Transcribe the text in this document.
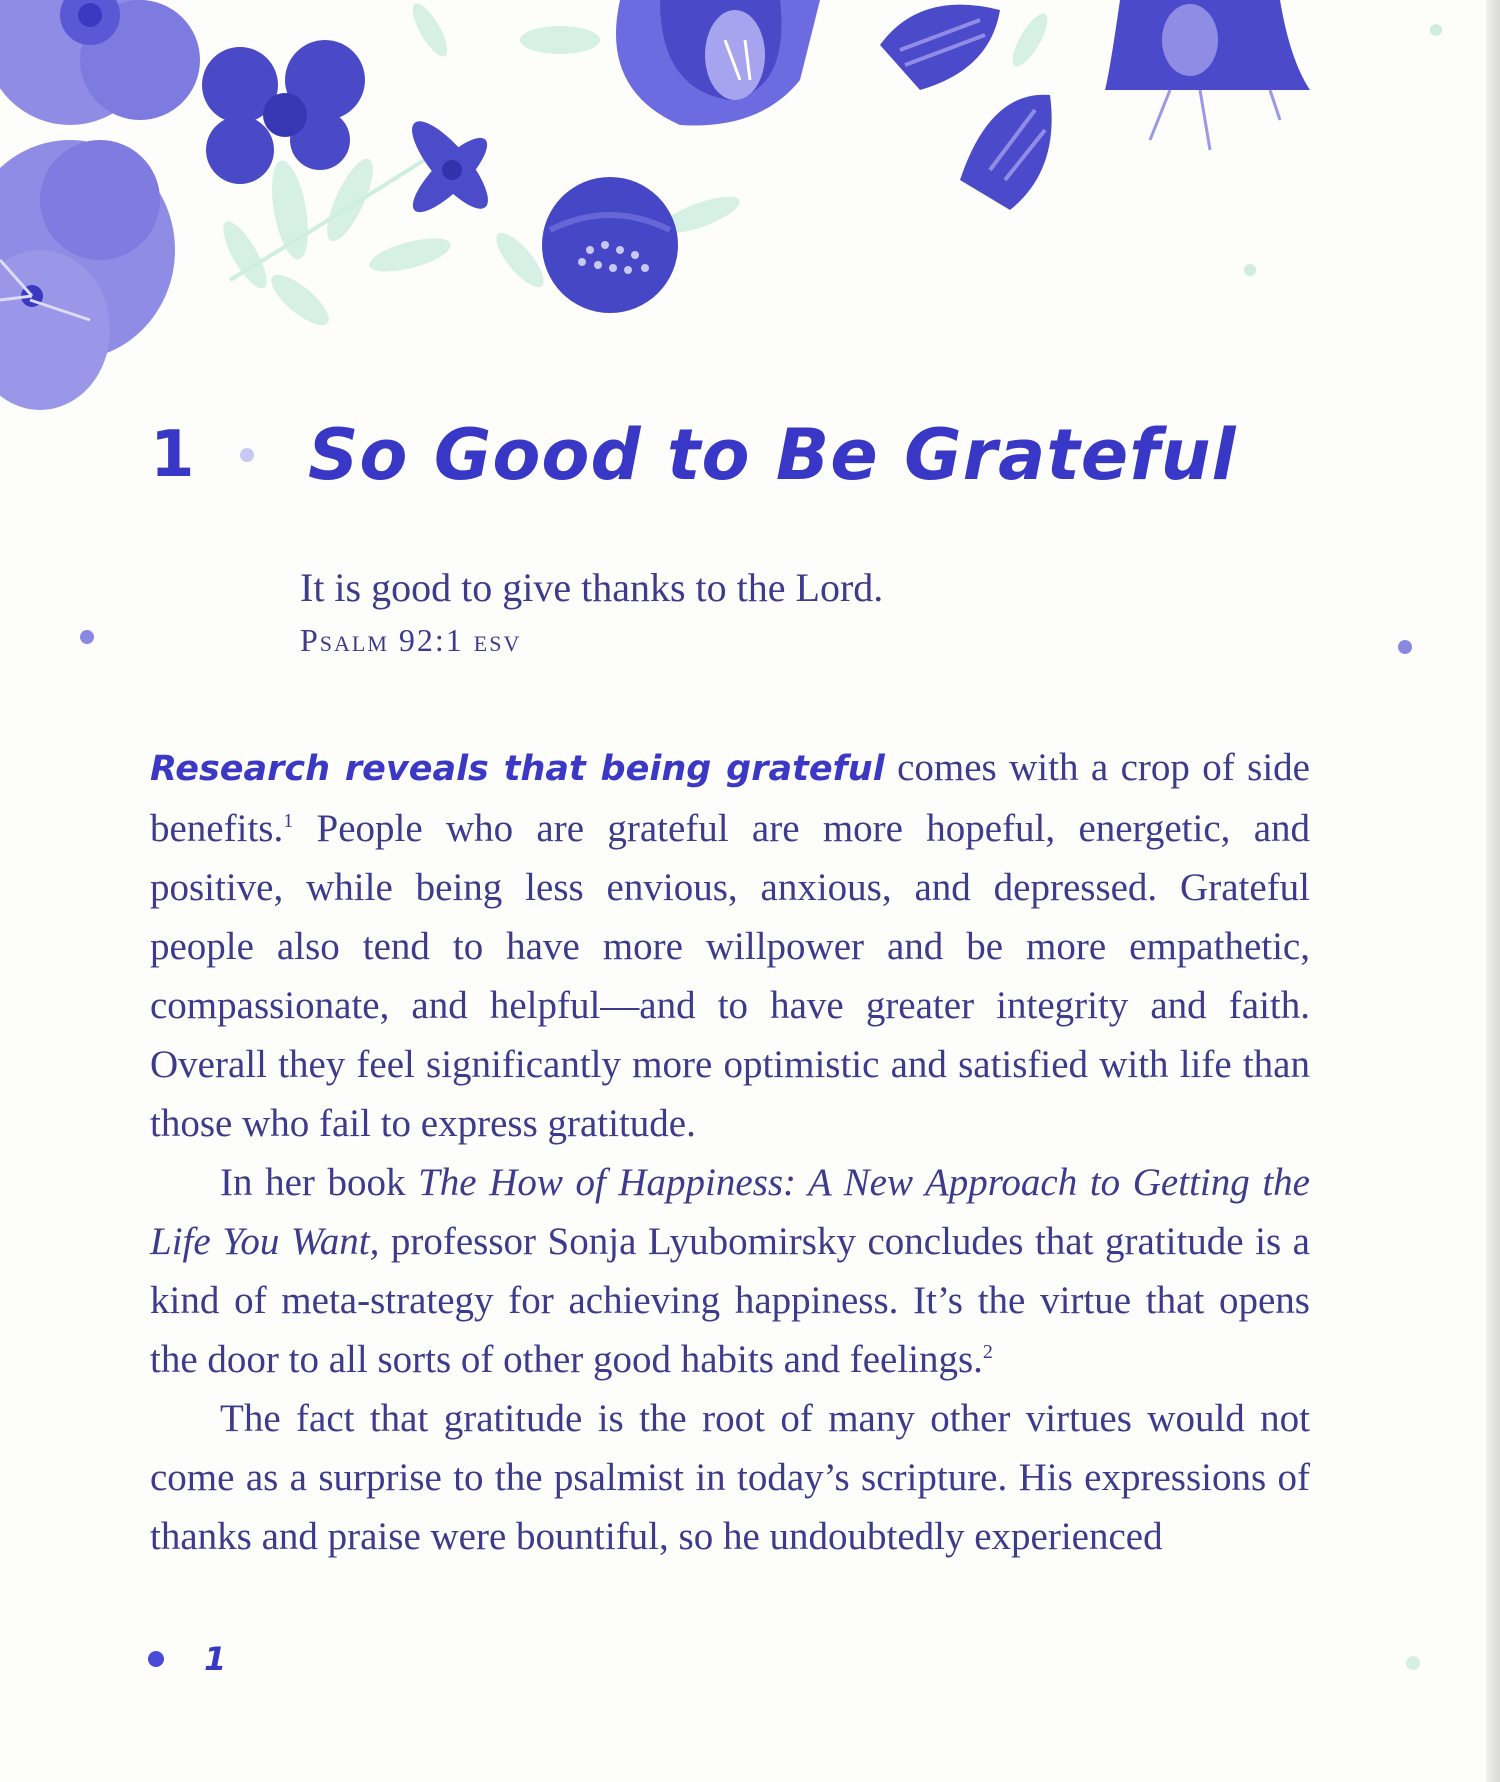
1	So Good to Be Grateful
It is good to give thanks to the Lord.
Psalm 92:1 esv

Research reveals that being grateful comes with a crop of side benefits.$^1$ People who are grateful are more hopeful, energetic, and positive, while being less envious, anxious, and depressed. Grateful people also tend to have more willpower and be more empathetic, compassionate, and helpful—and to have greater integrity and faith. Overall they feel significantly more optimistic and satisfied with life than those who fail to express gratitude.

In her book The How of Happiness: A New Approach to Getting the Life You Want, professor Sonja Lyubomirsky concludes that gratitude is a kind of meta-strategy for achieving happiness. It’s the virtue that opens the door to all sorts of other good habits and feelings.$^2$

The fact that gratitude is the root of many other virtues would not come as a surprise to the psalmist in today’s scripture. His expressions of thanks and praise were bountiful, so he undoubtedly experienced

1
